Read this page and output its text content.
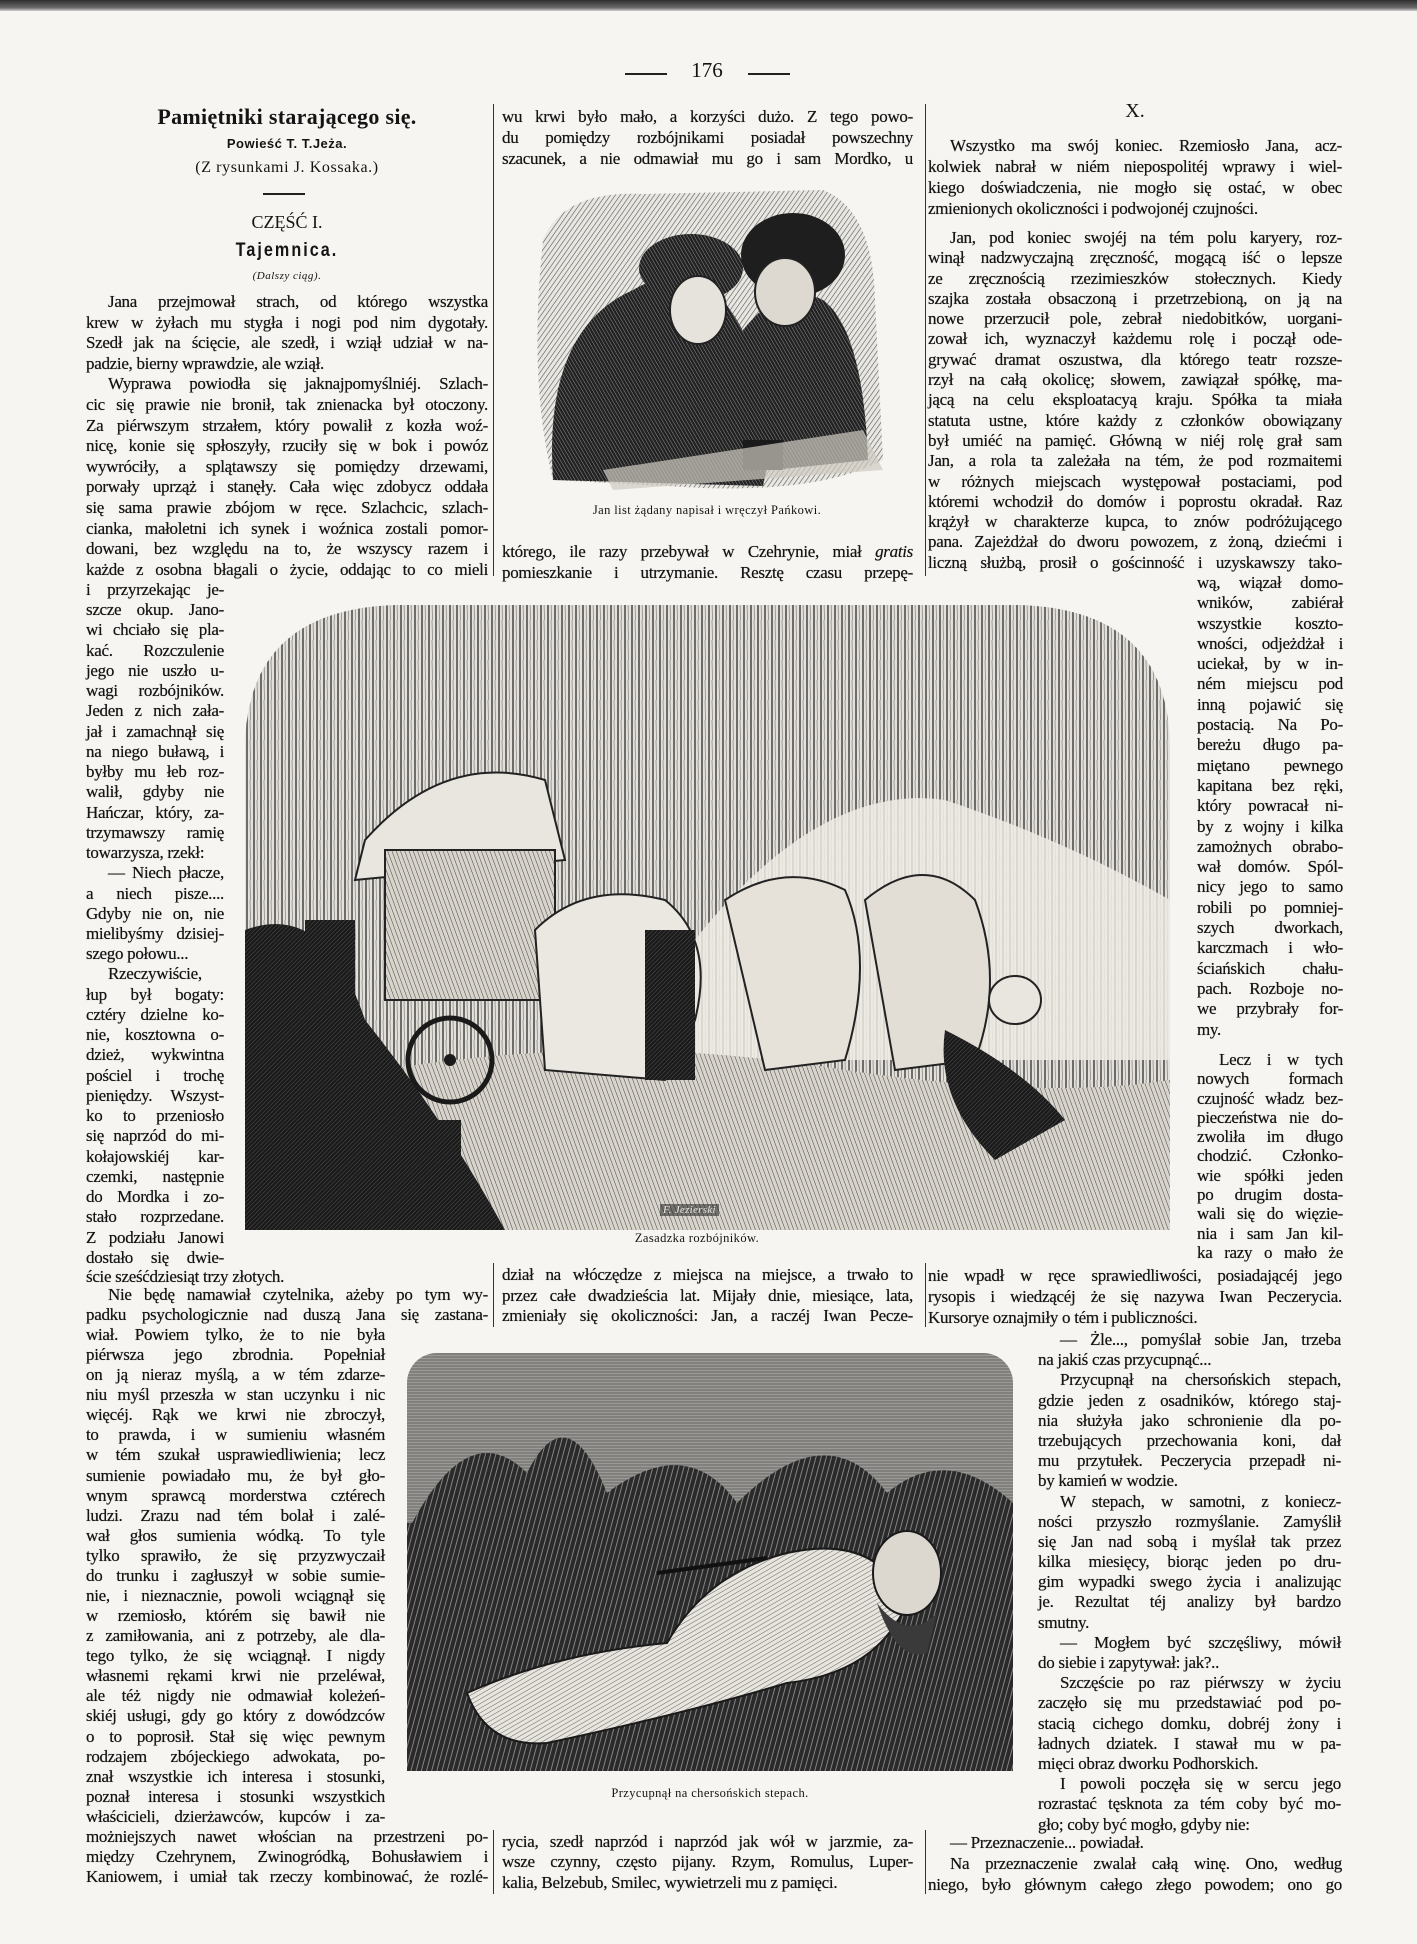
176
Pamiętniki starającego się.
Powieść T. T.Jeża.
(Z rysunkami J. Kossaka.)
CZĘŚĆ I.
Tajemnica.
(Dalszy ciąg).
Jana przejmował strach, od którego wszystka
krew w żyłach mu stygła i nogi pod nim dygotały.
Szedł jak na ścięcie, ale szedł, i wziął udział w na-
padzie, bierny wprawdzie, ale wziął.
Wyprawa powiodła się jaknajpomyślniéj. Szlach-
cic się prawie nie bronił, tak znienacka był otoczony.
Za piérwszym strzałem, który powalił z kozła woź-
nicę, konie się spłoszyły, rzuciły się w bok i powóz
wywróciły, a splątawszy się pomiędzy drzewami,
porwały uprząż i stanęły. Cała więc zdobycz oddała
się sama prawie zbójom w ręce. Szlachcic, szlach-
cianka, małoletni ich synek i woźnica zostali pomor-
dowani, bez względu na to, że wszyscy razem i
każde z osobna błagali o życie, oddając to co mieli
i przyrzekając je-
szcze okup. Jano-
wi chciało się pla-
kać. Rozczulenie
jego nie uszło u-
wagi rozbójników.
Jeden z nich zała-
jał i zamachnął się
na niego buławą, i
byłby mu łeb roz-
walił, gdyby nie
Hańczar, który, za-
trzymawszy ramię
towarzysza, rzekł:
— Niech płacze,
a niech pisze....
Gdyby nie on, nie
mielibyśmy dzisiej-
szego połowu...
Rzeczywiście,
łup był bogaty:
cztéry dzielne ko-
nie, kosztowna o-
dzież, wykwintna
pościel i trochę
pieniędzy. Wszyst-
ko to przeniosło
się naprzód do mi-
kołajowskiéj kar-
czemki, następnie
do Mordka i zo-
stało rozprzedane.
Z podziału Janowi
dostało się dwie-
ście sześćdziesiąt trzy złotych.
Nie będę namawiał czytelnika, ażeby po tym wy-
padku psychologicznie nad duszą Jana się zastana-
wiał. Powiem tylko, że to nie była
piérwsza jego zbrodnia. Popełniał
on ją nieraz myślą, a w tém zdarze-
niu myśl przeszła w stan uczynku i nic
więcéj. Rąk we krwi nie zbroczył,
to prawda, i w sumieniu własném
w tém szukał usprawiedliwienia; lecz
sumienie powiadało mu, że był gło-
wnym sprawcą morderstwa cztérech
ludzi. Zrazu nad tém bolał i zalé-
wał głos sumienia wódką. To tyle
tylko sprawiło, że się przyzwyczaił
do trunku i zagłuszył w sobie sumie-
nie, i nieznacznie, powoli wciągnął się
w rzemiosło, którém się bawił nie
z zamiłowania, ani z potrzeby, ale dla-
tego tylko, że się wciągnął. I nigdy
własnemi rękami krwi nie przeléwał,
ale téż nigdy nie odmawiał koleżeń-
skiéj usługi, gdy go który z dowódzców
o to poprosił. Stał się więc pewnym
rodzajem zbójeckiego adwokata, po-
znał wszystkie ich interesa i stosunki,
poznał interesa i stosunki wszystkich
właścicieli, dzierżawców, kupców i za-
możniejszych nawet włościan na przestrzeni po-
między Czehrynem, Zwinogródką, Bohusławiem i
Kaniowem, i umiał tak rzeczy kombinować, że rozlé-
wu krwi było mało, a korzyści dużo. Z tego powo-
du pomiędzy rozbójnikami posiadał powszechny
szacunek, a nie odmawiał mu go i sam Mordko, u
którego, ile razy przebywał w Czehrynie, miał gratis
pomieszkanie i utrzymanie. Resztę czasu przepę-
dział na włóczędze z miejsca na miejsce, a trwało to
przez całe dwadzieścia lat. Mijały dnie, miesiące, lata,
zmieniały się okoliczności: Jan, a raczéj Iwan Pecze-
rycia, szedł naprzód i naprzód jak wół w jarzmie, za-
wsze czynny, często pijany. Rzym, Romulus, Luper-
kalia, Belzebub, Smilec, wywietrzeli mu z pamięci.
X.
Wszystko ma swój koniec. Rzemiosło Jana, acz-
kolwiek nabrał w niém niepospolitéj wprawy i wiel-
kiego doświadczenia, nie mogło się ostać, w obec
zmienionych okoliczności i podwojonéj czujności.
Jan, pod koniec swojéj na tém polu karyery, roz-
winął nadzwyczajną zręczność, mogącą iść o lepsze
ze zręcznością rzezimieszków stołecznych. Kiedy
szajka została obsaczoną i przetrzebioną, on ją na
nowe przerzucił pole, zebrał niedobitków, uorgani-
zował ich, wyznaczył każdemu rolę i począł ode-
grywać dramat oszustwa, dla którego teatr rozsze-
rzył na całą okolicę; słowem, zawiązał spółkę, ma-
jącą na celu eksploatacyą kraju. Spółka ta miała
statuta ustne, które każdy z członków obowiązany
był umiéć na pamięć. Główną w niéj rolę grał sam
Jan, a rola ta zależała na tém, że pod rozmaitemi
w różnych miejscach występował postaciami, pod
któremi wchodził do domów i poprostu okradał. Raz
krążył w charakterze kupca, to znów podróżującego
pana. Zajeżdżał do dworu powozem, z żoną, dziećmi i
liczną służbą, prosił o gościnność i uzyskawszy tako-
wą, wiązał domo-
wników, zabiérał
wszystkie koszto-
wności, odjeżdżał i
uciekał, by w in-
ném miejscu pod
inną pojawić się
postacią. Na Po-
bereżu długo pa-
miętano pewnego
kapitana bez ręki,
który powracał ni-
by z wojny i kilka
zamożnych obrabo-
wał domów. Spól-
nicy jego to samo
robili po pomniej-
szych dworkach,
karczmach i wło-
ściańskich chału-
pach. Rozboje no-
we przybrały for-
my.
Lecz i w tych
nowych formach
czujność władz bez-
pieczeństwa nie do-
zwoliła im długo
chodzić. Członko-
wie spółki jeden
po drugim dosta-
wali się do więzie-
nia i sam Jan kil-
ka razy o mało że
nie wpadł w ręce sprawiedliwości, posiadającéj jego
rysopis i wiedzącéj że się nazywa Iwan Peczerycia.
Kursorye oznajmiły o tém i publiczności.
— Żle..., pomyślał sobie Jan, trzeba
na jakiś czas przycupnąć...
Przycupnął na chersońskich stepach,
gdzie jeden z osadników, którego staj-
nia służyła jako schronienie dla po-
trzebujących przechowania koni, dał
mu przytułek. Peczerycia przepadł ni-
by kamień w wodzie.
W stepach, w samotni, z koniecz-
ności przyszło rozmyślanie. Zamyślił
się Jan nad sobą i myślał tak przez
kilka miesięcy, biorąc jeden po dru-
gim wypadki swego życia i analizując
je. Rezultat téj analizy był bardzo
smutny.
— Mogłem być szczęśliwy, mówił
do siebie i zapytywał: jak?..
Szczęście po raz piérwszy w życiu
zaczęło się mu przedstawiać pod po-
stacią cichego domku, dobréj żony i
ładnych dziatek. I stawał mu w pa-
mięci obraz dworku Podhorskich.
I powoli poczęła się w sercu jego
rozrastać tęsknota za tém coby być mo-
gło; coby być mogło, gdyby nie:
— Przeznaczenie... powiadał.
Na przeznaczenie zwalał całą winę. Ono, według
niego, było głównym całego złego powodem; ono go
Jan list żądany napisał i wręczył Pańkowi.
F. Jezierski
Zasadzka rozbójników.
Przycupnął na chersońskich stepach.
